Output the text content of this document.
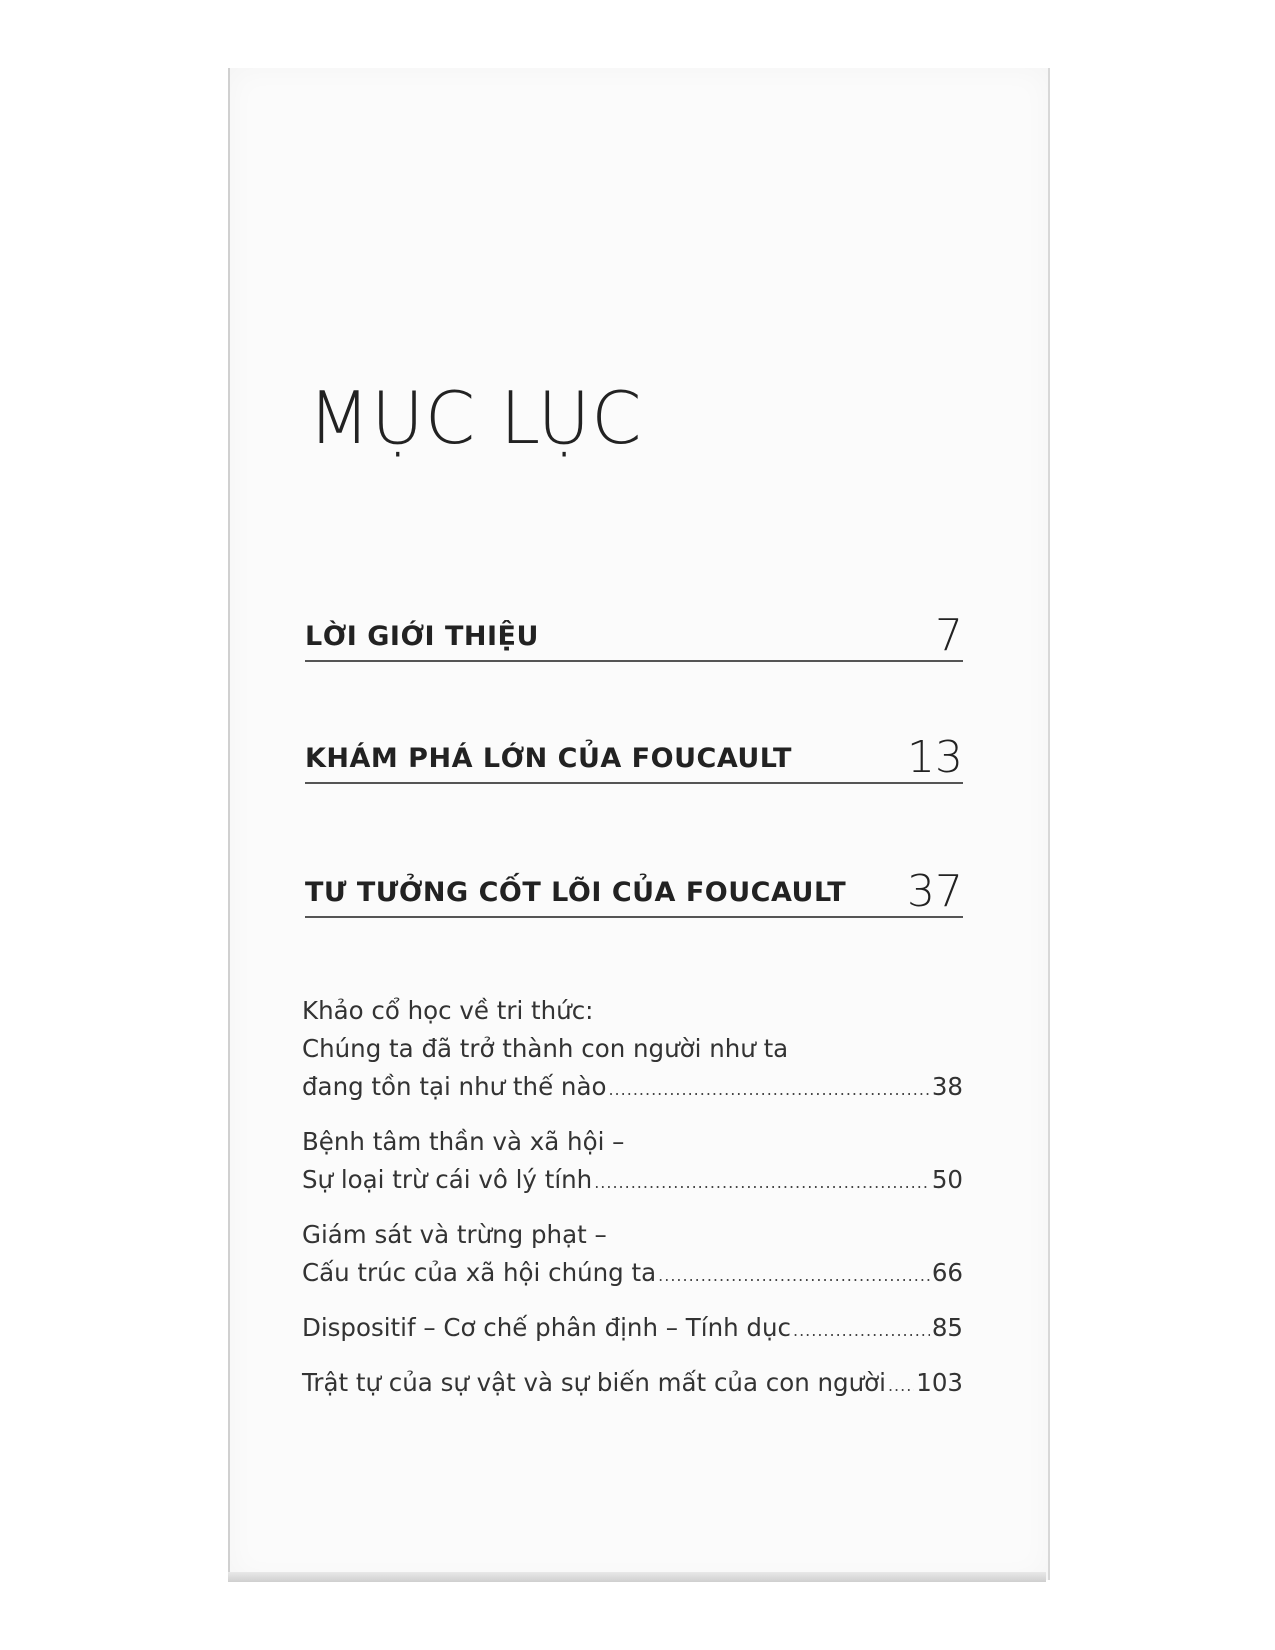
MỤC LỤC
LỜI GIỚI THIỆU	7
KHÁM PHÁ LỚN CỦA FOUCAULT	13
TƯ TƯỞNG CỐT LÕI CỦA FOUCAULT 37
Khảo cổ học về tri thức:
Chúng ta đã trở thành con người như ta
đang tồn tại như thế nào .....	38
Bệnh tâm thần và xã hội –
Sự loại trừ cái vô lý tính .....	50
Giám sát và trừng phạt –
Cấu trúc của xã hội chúng ta .....	66
Dispositif – Cơ chế phân định – Tính dục .....	85
Trật tự của sự vật và sự biến mất của con người ..... 103
